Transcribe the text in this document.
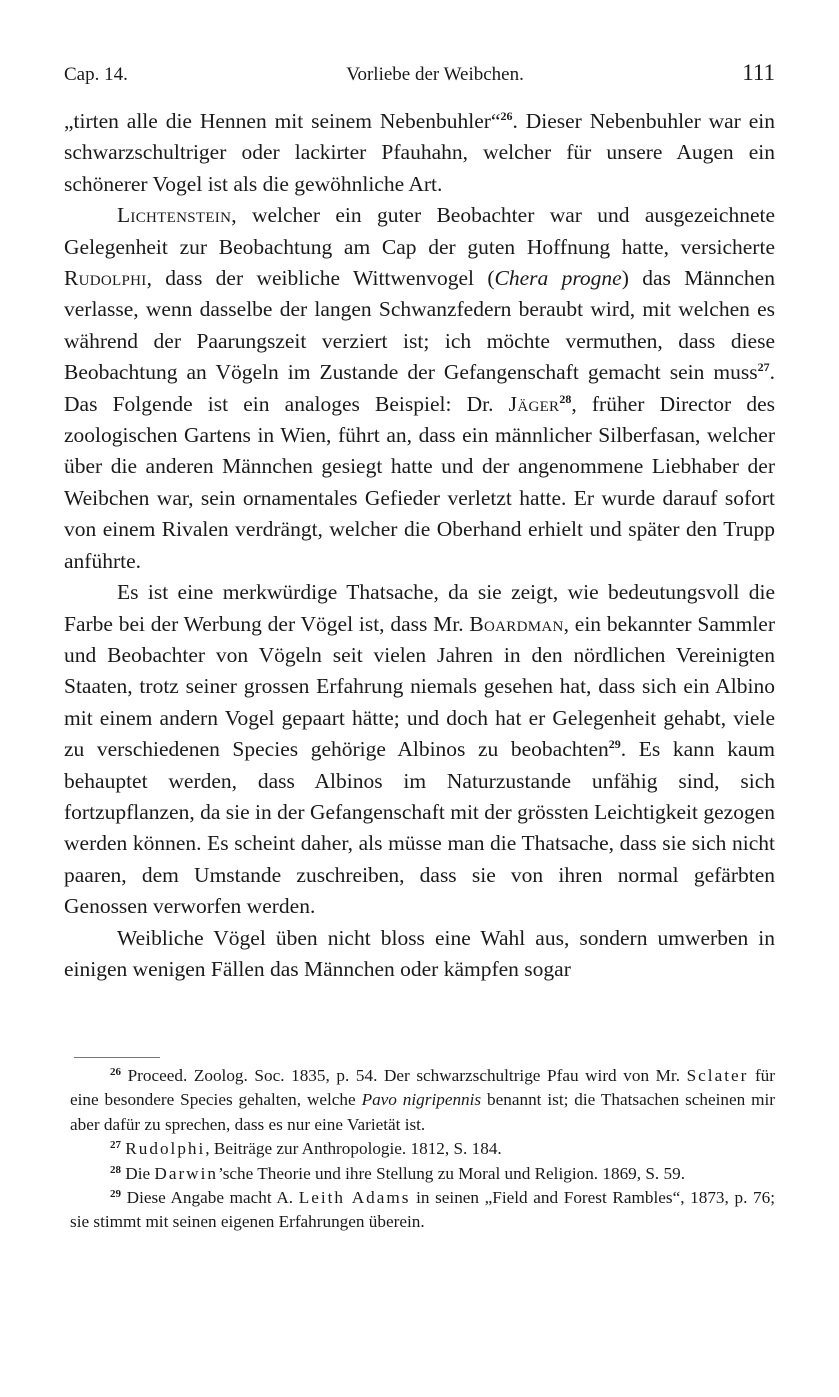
Cap. 14.	Vorliebe der Weibchen.	111

„tirten alle die Hennen mit seinem Nebenbuhler“$^{26}$. Dieser Nebenbuhler war ein schwarzschultriger oder lackirter Pfauhahn, welcher für unsere Augen ein schönerer Vogel ist als die gewöhnliche Art.

Lichtenstein, welcher ein guter Beobachter war und ausgezeichnete Gelegenheit zur Beobachtung am Cap der guten Hoffnung hatte, versicherte Rudolphi, dass der weibliche Wittwenvogel (Chera progne) das Männchen verlasse, wenn dasselbe der langen Schwanzfedern beraubt wird, mit welchen es während der Paarungszeit verziert ist; ich möchte vermuthen, dass diese Beobachtung an Vögeln im Zustande der Gefangenschaft gemacht sein muss$^{27}$. Das Folgende ist ein analoges Beispiel: Dr. Jäger$^{28}$, früher Director des zoologischen Gartens in Wien, führt an, dass ein männlicher Silberfasan, welcher über die anderen Männchen gesiegt hatte und der angenommene Liebhaber der Weibchen war, sein ornamentales Gefieder verletzt hatte. Er wurde darauf sofort von einem Rivalen verdrängt, welcher die Oberhand erhielt und später den Trupp anführte.

Es ist eine merkwürdige Thatsache, da sie zeigt, wie bedeutungsvoll die Farbe bei der Werbung der Vögel ist, dass Mr. Boardman, ein bekannter Sammler und Beobachter von Vögeln seit vielen Jahren in den nördlichen Vereinigten Staaten, trotz seiner grossen Erfahrung niemals gesehen hat, dass sich ein Albino mit einem andern Vogel gepaart hätte; und doch hat er Gelegenheit gehabt, viele zu verschiedenen Species gehörige Albinos zu beobachten$^{29}$. Es kann kaum behauptet werden, dass Albinos im Naturzustande unfähig sind, sich fortzupflanzen, da sie in der Gefangenschaft mit der grössten Leichtigkeit gezogen werden können. Es scheint daher, als müsse man die Thatsache, dass sie sich nicht paaren, dem Umstande zuschreiben, dass sie von ihren normal gefärbten Genossen verworfen werden.

Weibliche Vögel üben nicht bloss eine Wahl aus, sondern umwerben in einigen wenigen Fällen das Männchen oder kämpfen sogar

$^{26}$ Proceed. Zoolog. Soc. 1835, p. 54. Der schwarzschultrige Pfau wird von Mr. Sclater für eine besondere Species gehalten, welche Pavo nigripennis benannt ist; die Thatsachen scheinen mir aber dafür zu sprechen, dass es nur eine Varietät ist.

$^{27}$ Rudolphi, Beiträge zur Anthropologie. 1812, S. 184.

$^{28}$ Die Darwin’sche Theorie und ihre Stellung zu Moral und Religion. 1869, S. 59.

$^{29}$ Diese Angabe macht A. Leith Adams in seinen „Field and Forest Rambles“, 1873, p. 76; sie stimmt mit seinen eigenen Erfahrungen überein.
